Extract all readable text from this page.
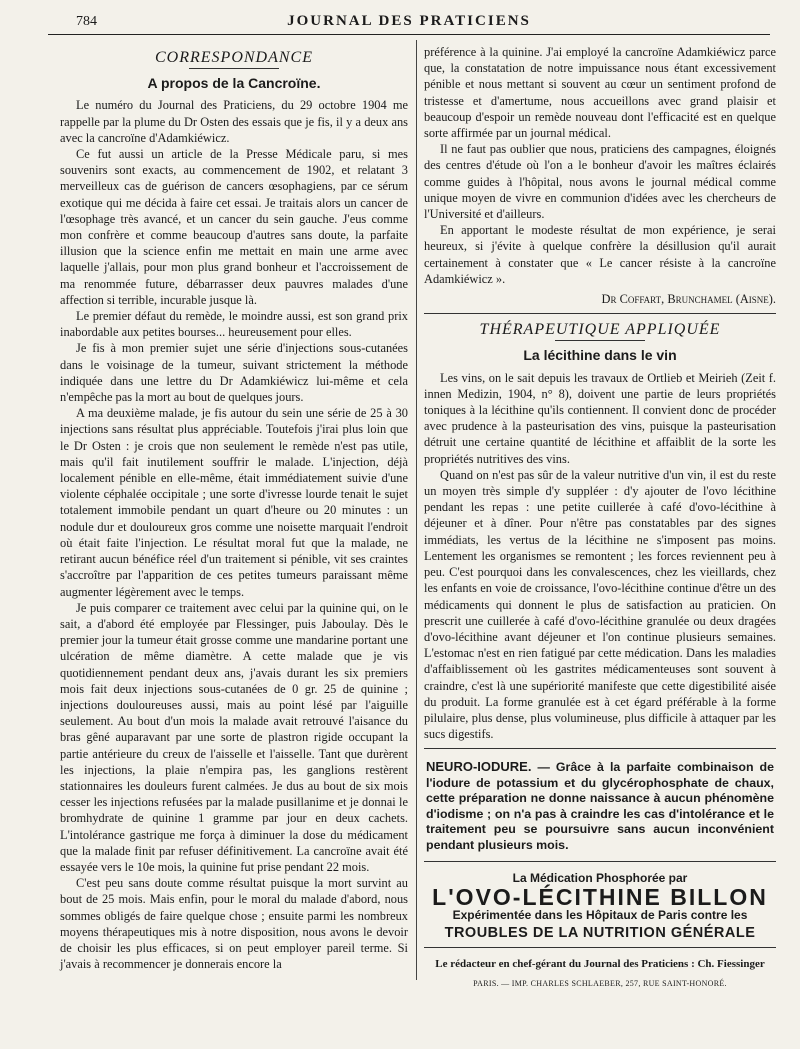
784	JOURNAL DES PRATICIENS
CORRESPONDANCE
A propos de la Cancroïne.

Le numéro du Journal des Praticiens, du 29 octobre 1904 me rappelle par la plume du Dr Osten des essais que je fis, il y a deux ans avec la cancroïne d'Adamkiéwicz.

Ce fut aussi un article de la Presse Médicale paru, si mes souvenirs sont exacts, au commencement de 1902, et relatant 3 merveilleux cas de guérison de cancers œsophagiens, par ce sérum exotique qui me décida à faire cet essai. Je traitais alors un cancer de l'œsophage très avancé, et un cancer du sein gauche. J'eus comme mon confrère et comme beaucoup d'autres sans doute, la parfaite illusion que la science enfin me mettait en main une arme avec laquelle j'allais, pour mon plus grand bonheur et l'accroissement de ma renommée future, débarrasser deux pauvres malades d'une affection si terrible, incurable jusque là.

Le premier défaut du remède, le moindre aussi, est son grand prix inabordable aux petites bourses... heureusement pour elles.

Je fis à mon premier sujet une série d'injections sous-cutanées dans le voisinage de la tumeur, suivant strictement la méthode indiquée dans une lettre du Dr Adamkiéwicz lui-même et cela n'empêche pas la mort au bout de quelques jours.

A ma deuxième malade, je fis autour du sein une série de 25 à 30 injections sans résultat plus appréciable. Toutefois j'irai plus loin que le Dr Osten : je crois que non seulement le remède n'est pas utile, mais qu'il fait inutilement souffrir le malade. L'injection, déjà localement pénible en elle-même, était immédiatement suivie d'une violente céphalée occipitale ; une sorte d'ivresse lourde tenait le sujet totalement immobile pendant un quart d'heure ou 20 minutes : un nodule dur et douloureux gros comme une noisette marquait l'endroit où était faite l'injection. Le résultat moral fut que la malade, ne retirant aucun bénéfice réel d'un traitement si pénible, vit ses craintes s'accroître par l'apparition de ces petites tumeurs paraissant même augmenter légèrement avec le temps.

Je puis comparer ce traitement avec celui par la quinine qui, on le sait, a d'abord été employée par Flessinger, puis Jaboulay. Dès le premier jour la tumeur était grosse comme une mandarine portant une ulcération de même diamètre. A cette malade que je vis quotidiennement pendant deux ans, j'avais durant les six premiers mois fait deux injections sous-cutanées de 0 gr. 25 de quinine ; injections douloureuses aussi, mais au point lésé par l'aiguille seulement. Au bout d'un mois la malade avait retrouvé l'aisance du bras gêné auparavant par une sorte de plastron rigide occupant la partie antérieure du creux de l'aisselle et l'aisselle. Tant que durèrent les injections, la plaie n'empira pas, les ganglions restèrent stationnaires les douleurs furent calmées. Je dus au bout de six mois cesser les injections refusées par la malade pusillanime et je donnai le bromhydrate de quinine 1 gramme par jour en deux cachets. L'intolérance gastrique me força à diminuer la dose du médicament que la malade finit par refuser définitivement. La cancroïne avait été essayée vers le 10e mois, la quinine fut prise pendant 22 mois.

C'est peu sans doute comme résultat puisque la mort survint au bout de 25 mois. Mais enfin, pour le moral du malade d'abord, nous sommes obligés de faire quelque chose ; ensuite parmi les nombreux moyens thérapeutiques mis à notre disposition, nous avons le devoir de choisir les plus efficaces, si on peut employer pareil terme. Si j'avais à recommencer je donnerais encore la

préférence à la quinine. J'ai employé la cancroïne Adamkiéwicz parce que, la constatation de notre impuissance nous étant excessivement pénible et nous mettant si souvent au cœur un sentiment profond de tristesse et d'amertume, nous accueillons avec grand plaisir et beaucoup d'espoir un remède nouveau dont l'efficacité est en quelque sorte affirmée par un journal médical.

Il ne faut pas oublier que nous, praticiens des campagnes, éloignés des centres d'étude où l'on a le bonheur d'avoir les maîtres éclairés comme guides à l'hôpital, nous avons le journal médical comme unique moyen de vivre en communion d'idées avec les chercheurs de l'Université et d'ailleurs.

En apportant le modeste résultat de mon expérience, je serai heureux, si j'évite à quelque confrère la désillusion qu'il aurait certainement à constater que « Le cancer résiste à la cancroïne Adamkiéwicz ».

Dr Coffart, Brunchamel (Aisne).

THÉRAPEUTIQUE APPLIQUÉE
La lécithine dans le vin

Les vins, on le sait depuis les travaux de Ortlieb et Meirieh (Zeit f. innen Medizin, 1904, n° 8), doivent une partie de leurs propriétés toniques à la lécithine qu'ils contiennent. Il convient donc de procéder avec prudence à la pasteurisation des vins, puisque la pasteurisation détruit une certaine quantité de lécithine et affaiblit de la sorte les propriétés nutritives des vins.

Quand on n'est pas sûr de la valeur nutritive d'un vin, il est du reste un moyen très simple d'y suppléer : d'y ajouter de l'ovo lécithine pendant les repas : une petite cuillerée à café d'ovo-lécithine à déjeuner et à dîner. Pour n'être pas constatables par des signes immédiats, les vertus de la lécithine ne s'imposent pas moins. Lentement les organismes se remontent ; les forces reviennent peu à peu. C'est pourquoi dans les convalescences, chez les vieillards, chez les enfants en voie de croissance, l'ovo-lécithine continue d'être un des médicaments qui donnent le plus de satisfaction au praticien. On prescrit une cuillerée à café d'ovo-lécithine granulée ou deux dragées d'ovo-lécithine avant déjeuner et l'on continue plusieurs semaines. L'estomac n'est en rien fatigué par cette médication. Dans les maladies d'affaiblissement où les gastrites médicamenteuses sont souvent à craindre, c'est là une supériorité manifeste que cette digestibilité aisée du produit. La forme granulée est à cet égard préférable à la forme pilulaire, plus dense, plus volumineuse, plus difficile à attaquer par les sucs digestifs.

NEURO-IODURE. — Grâce à la parfaite combinaison de l'iodure de potassium et du glycérophosphate de chaux, cette préparation ne donne naissance à aucun phénomène d'iodisme ; on n'a pas à craindre les cas d'intolérance et le traitement peu se poursuivre sans aucun inconvénient pendant plusieurs mois.
La Médication Phosphorée par
L'OVO-LÉCITHINE BILLON
Expérimentée dans les Hôpitaux de Paris contre les
TROUBLES DE LA NUTRITION GÉNÉRALE
Le rédacteur en chef-gérant du Journal des Praticiens : Ch. Fiessinger
PARIS. — IMP. CHARLES SCHLAEBER, 257, RUE SAINT-HONORÉ.
